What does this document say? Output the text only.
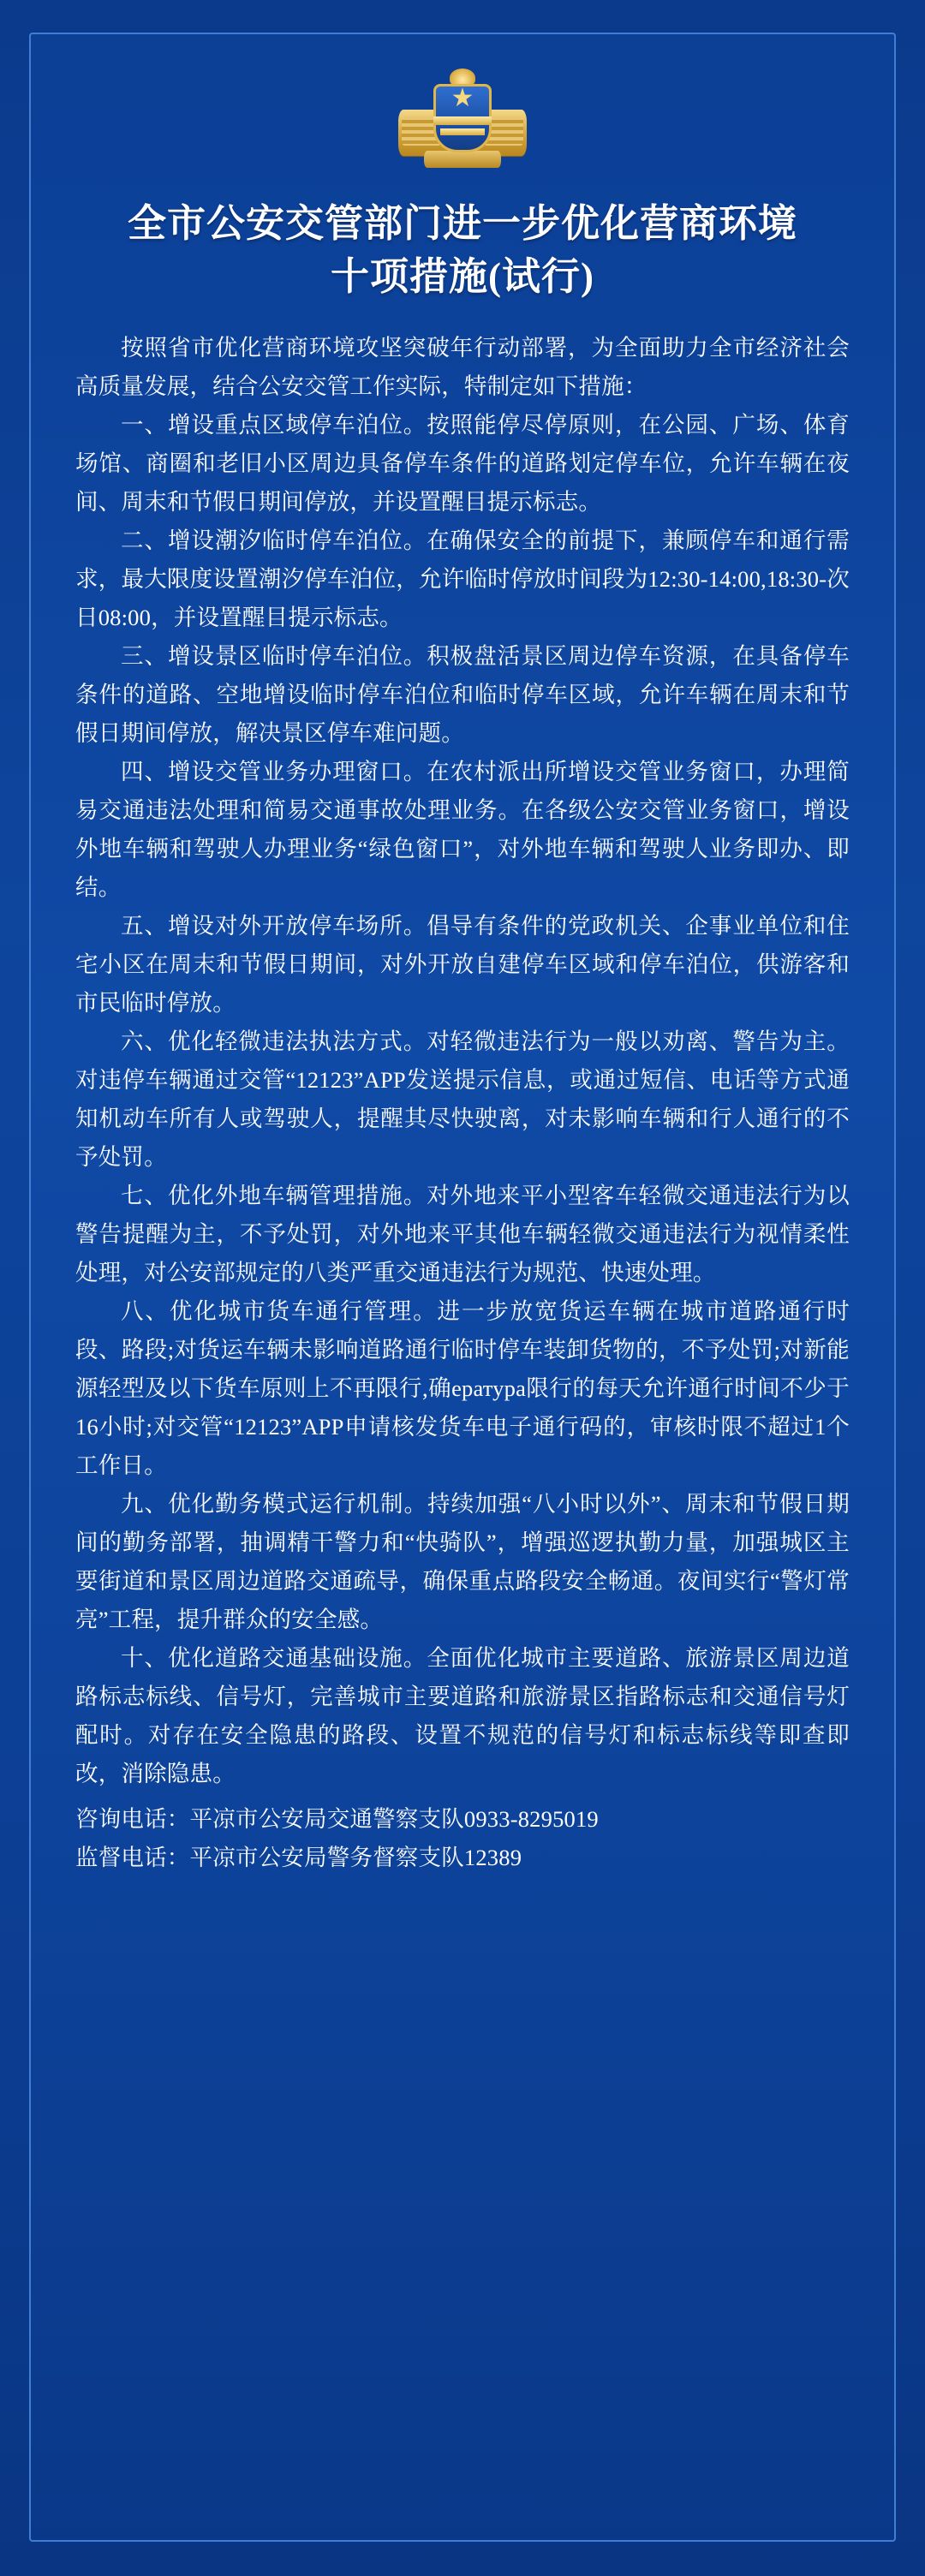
★
全市公安交管部门进一步优化营商环境
十项措施(试行)

按照省市优化营商环境攻坚突破年行动部署，为全面助力全市经济社会高质量发展，结合公安交管工作实际，特制定如下措施：

一、增设重点区域停车泊位。按照能停尽停原则，在公园、广场、体育场馆、商圈和老旧小区周边具备停车条件的道路划定停车位，允许车辆在夜间、周末和节假日期间停放，并设置醒目提示标志。

二、增设潮汐临时停车泊位。在确保安全的前提下，兼顾停车和通行需求，最大限度设置潮汐停车泊位，允许临时停放时间段为12:30-14:00,18:30-次日08:00，并设置醒目提示标志。

三、增设景区临时停车泊位。积极盘活景区周边停车资源，在具备停车条件的道路、空地增设临时停车泊位和临时停车区域，允许车辆在周末和节假日期间停放，解决景区停车难问题。

四、增设交管业务办理窗口。在农村派出所增设交管业务窗口，办理简易交通违法处理和简易交通事故处理业务。在各级公安交管业务窗口，增设外地车辆和驾驶人办理业务“绿色窗口”，对外地车辆和驾驶人业务即办、即结。

五、增设对外开放停车场所。倡导有条件的党政机关、企事业单位和住宅小区在周末和节假日期间，对外开放自建停车区域和停车泊位，供游客和市民临时停放。

六、优化轻微违法执法方式。对轻微违法行为一般以劝离、警告为主。对违停车辆通过交管“12123”APP发送提示信息，或通过短信、电话等方式通知机动车所有人或驾驶人，提醒其尽快驶离，对未影响车辆和行人通行的不予处罚。

七、优化外地车辆管理措施。对外地来平小型客车轻微交通违法行为以警告提醒为主，不予处罚，对外地来平其他车辆轻微交通违法行为视情柔性处理，对公安部规定的八类严重交通违法行为规范、快速处理。

八、优化城市货车通行管理。进一步放宽货运车辆在城市道路通行时段、路段;对货运车辆未影响道路通行临时停车装卸货物的，不予处罚;对新能源轻型及以下货车原则上不再限行,确ература限行的每天允许通行时间不少于16小时;对交管“12123”APP申请核发货车电子通行码的，审核时限不超过1个工作日。

九、优化勤务模式运行机制。持续加强“八小时以外”、周末和节假日期间的勤务部署，抽调精干警力和“快骑队”，增强巡逻执勤力量，加强城区主要街道和景区周边道路交通疏导，确保重点路段安全畅通。夜间实行“警灯常亮”工程，提升群众的安全感。

十、优化道路交通基础设施。全面优化城市主要道路、旅游景区周边道路标志标线、信号灯，完善城市主要道路和旅游景区指路标志和交通信号灯配时。对存在安全隐患的路段、设置不规范的信号灯和标志标线等即查即改，消除隐患。

咨询电话：平凉市公安局交通警察支队0933-8295019

监督电话：平凉市公安局警务督察支队12389
